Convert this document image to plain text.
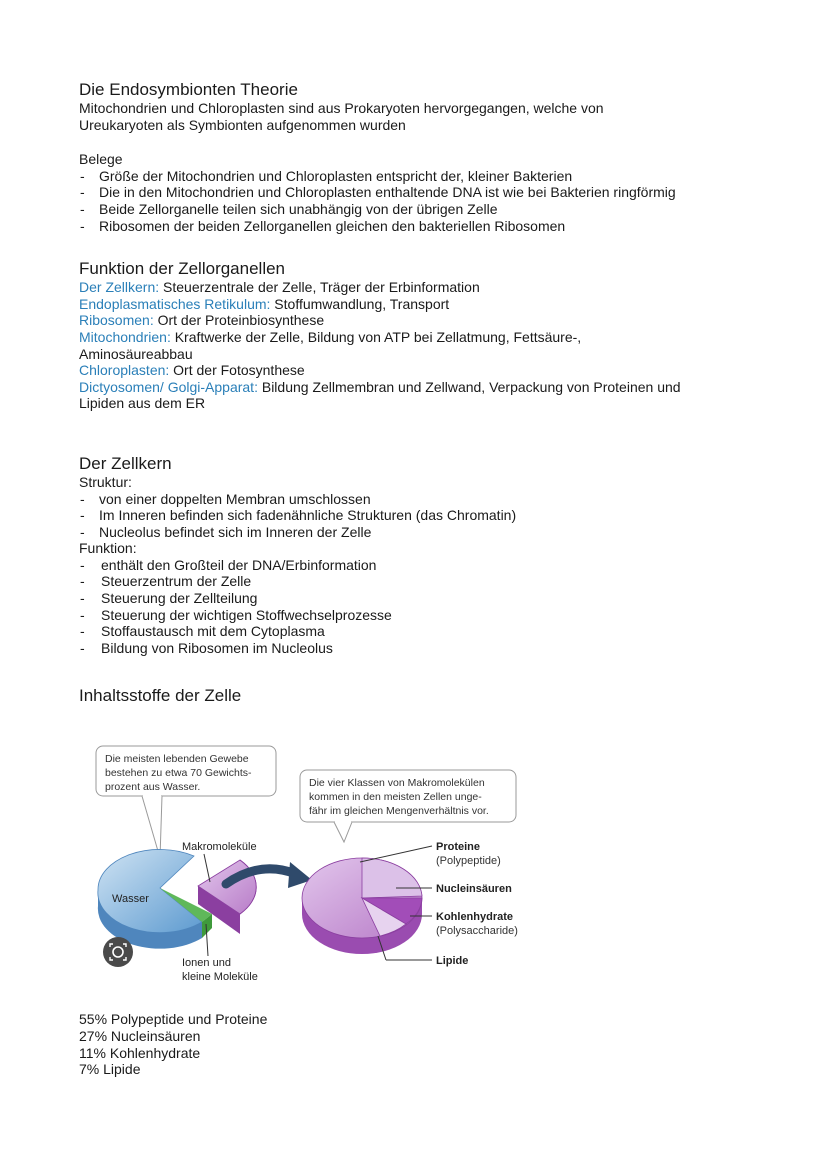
Die Endosymbionten Theorie

Mitochondrien und Chloroplasten sind aus Prokaryoten hervorgegangen, welche von

Ureukaryoten als Symbionten aufgenommen wurden

Belege

- Größe der Mitochondrien und Chloroplasten entspricht der, kleiner Bakterien
- Die in den Mitochondrien und Chloroplasten enthaltende DNA ist wie bei Bakterien ringförmig
- Beide Zellorganelle teilen sich unabhängig von der übrigen Zelle
- Ribosomen der beiden Zellorganellen gleichen den bakteriellen Ribosomen
Funktion der Zellorganellen

Der Zellkern: Steuerzentrale der Zelle, Träger der Erbinformation

Endoplasmatisches Retikulum: Stoffumwandlung, Transport

Ribosomen: Ort der Proteinbiosynthese

Mitochondrien: Kraftwerke der Zelle, Bildung von ATP bei Zellatmung, Fettsäure-,

Aminosäureabbau

Chloroplasten: Ort der Fotosynthese

Dictyosomen/ Golgi-Apparat: Bildung Zellmembran und Zellwand, Verpackung von Proteinen und

Lipiden aus dem ER

Der Zellkern

Struktur:

- von einer doppelten Membran umschlossen
- Im Inneren befinden sich fadenähnliche Strukturen (das Chromatin)
- Nucleolus befindet sich im Inneren der Zelle

Funktion:

- enthält den Großteil der DNA/Erbinformation
- Steuerzentrum der Zelle
- Steuerung der Zellteilung
- Steuerung der wichtigen Stoffwechselprozesse
- Stoffaustausch mit dem Cytoplasma
- Bildung von Ribosomen im Nucleolus
Inhaltsstoffe der Zelle
Die meisten lebenden Gewebe
bestehen zu etwa 70 Gewichts-
prozent aus Wasser.	Die vier Klassen von Makromolekülen
kommen in den meisten Zellen unge-
fähr im gleichen Mengenverhältnis vor.
Wasser
Makromoleküle
Ionen und
kleine Moleküle
Proteine
(Polypeptide)
Nucleinsäuren
Kohlenhydrate
(Polysaccharide)
Lipide

55% Polypeptide und Proteine

27% Nucleinsäuren

11% Kohlenhydrate

7% Lipide
